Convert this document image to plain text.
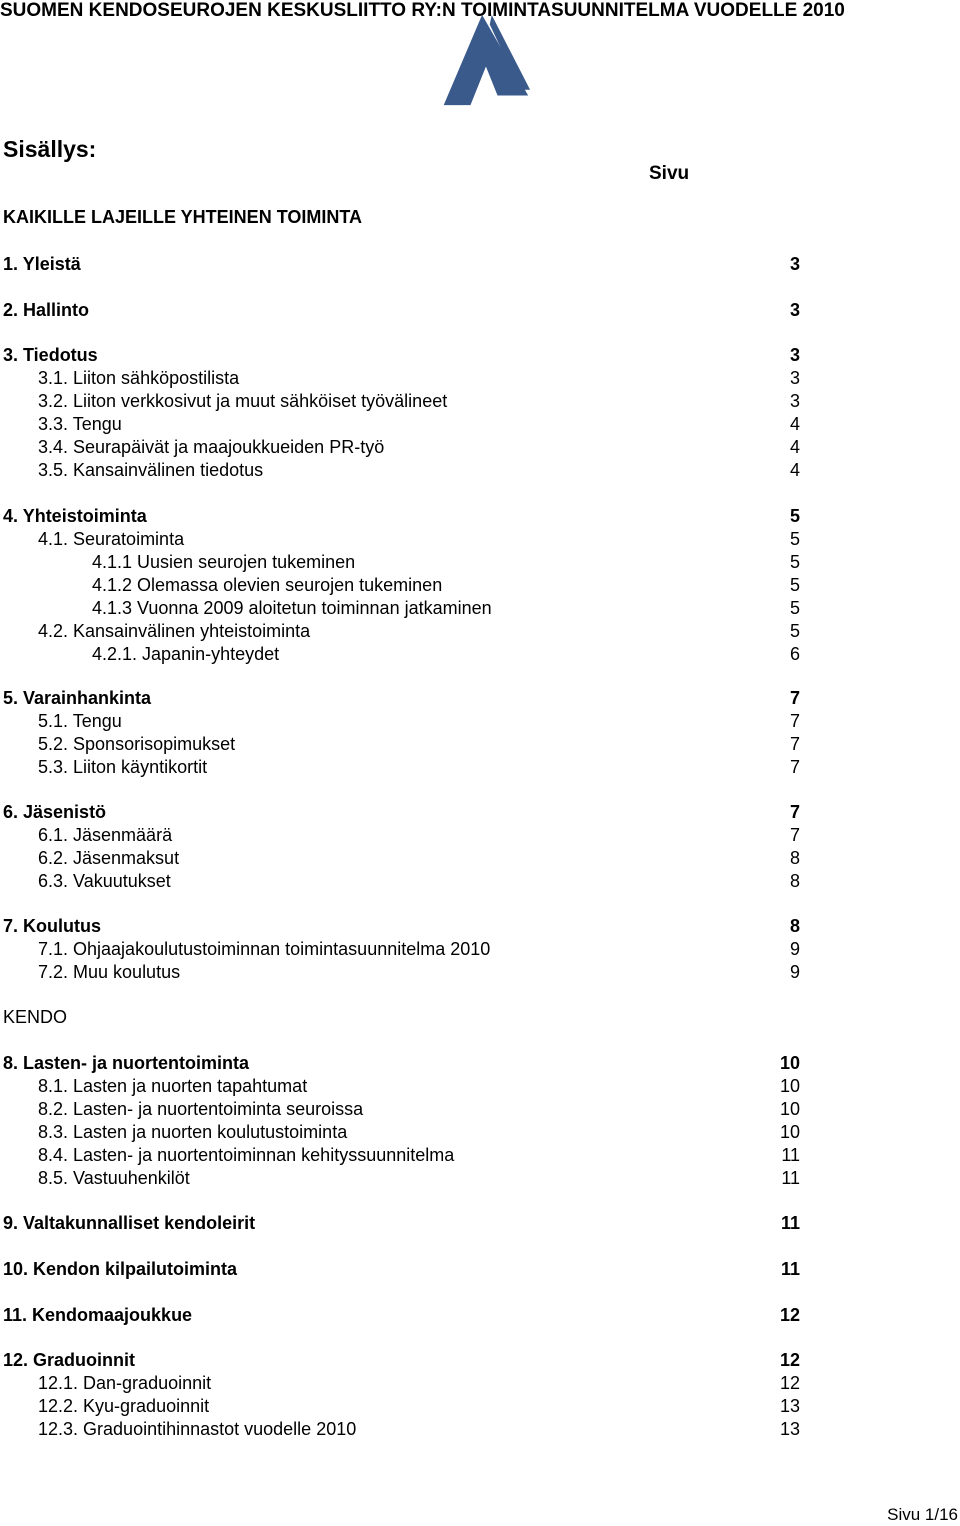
SUOMEN KENDOSEUROJEN KESKUSLIITTO RY:N TOIMINTASUUNNITELMA VUODELLE 2010
Sisällys:
Sivu
KAIKILLE LAJEILLE YHTEINEN TOIMINTA
1. Yleistä	3
2. Hallinto	3
3. Tiedotus	3
3.1. Liiton sähköpostilista	3
3.2. Liiton verkkosivut ja muut sähköiset työvälineet	3
3.3. Tengu	4
3.4. Seurapäivät ja maajoukkueiden PR-työ	4
3.5. Kansainvälinen tiedotus	4
4. Yhteistoiminta	5
4.1. Seuratoiminta	5
4.1.1 Uusien seurojen tukeminen	5
4.1.2 Olemassa olevien seurojen tukeminen	5
4.1.3 Vuonna 2009 aloitetun toiminnan jatkaminen	5
4.2. Kansainvälinen yhteistoiminta	5
4.2.1. Japanin-yhteydet	6
5. Varainhankinta	7
5.1. Tengu	7
5.2. Sponsorisopimukset	7
5.3. Liiton käyntikortit	7
6. Jäsenistö	7
6.1. Jäsenmäärä	7
6.2. Jäsenmaksut	8
6.3. Vakuutukset	8
7. Koulutus	8
7.1. Ohjaajakoulutustoiminnan toimintasuunnitelma 2010	9
7.2. Muu koulutus	9
KENDO
8. Lasten- ja nuortentoiminta	10
8.1. Lasten ja nuorten tapahtumat	10
8.2. Lasten- ja nuortentoiminta seuroissa	10
8.3. Lasten ja nuorten koulutustoiminta	10
8.4. Lasten- ja nuortentoiminnan kehityssuunnitelma	11
8.5. Vastuuhenkilöt	11
9. Valtakunnalliset kendoleirit	11
10. Kendon kilpailutoiminta	11
11. Kendomaajoukkue	12
12. Graduoinnit	12
12.1. Dan-graduoinnit	12
12.2. Kyu-graduoinnit	13
12.3. Graduointihinnastot vuodelle 2010	13
Sivu 1/16
